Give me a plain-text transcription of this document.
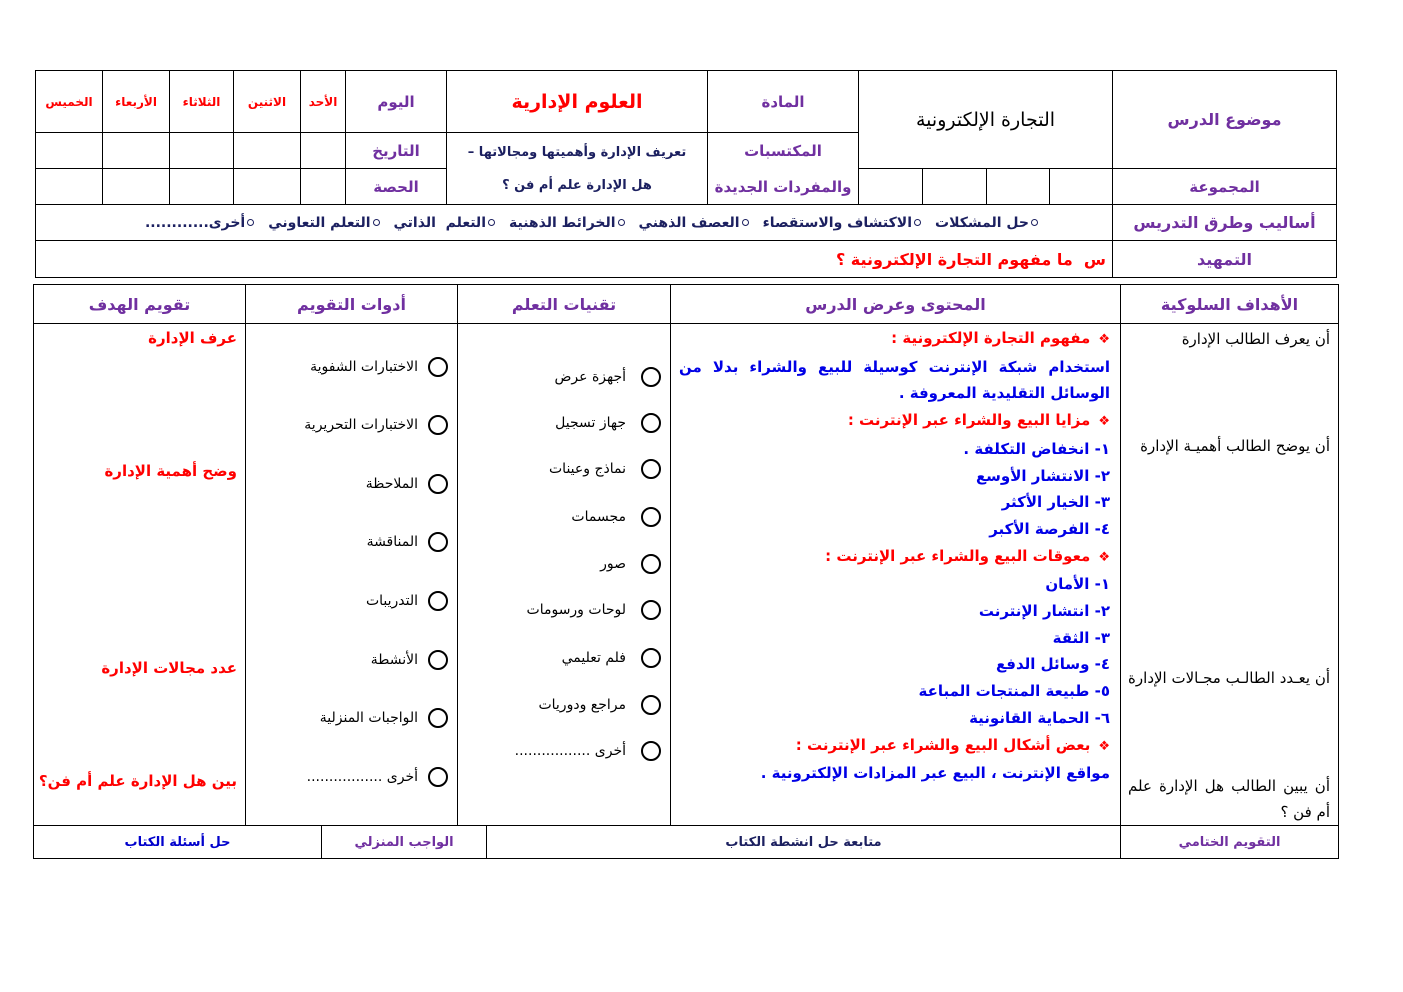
موضوع الدرس
التجارة الإلكترونية
المجموعة
المادة
المكتسبات
والمفردات الجديدة
العلوم الإدارية
تعريف الإدارة وأهميتها ومجالاتها –
هل الإدارة علم أم فن ؟
اليوم
التاريخ
الحصة
الأحد
الاثنين
الثلاثاء
الأربعاء
الخميس
أساليب وطرق التدريس
حل المشكلات
الاكتشاف والاستقصاء
العصف الذهني
الخرائط الذهنية
التعلم  الذاتي
التعلم التعاوني
أخرى............
التمهيد
س  ما مفهوم التجارة الإلكترونية ؟
الأهداف السلوكية
المحتوى وعرض الدرس
تقنيات التعلم
أدوات التقويم
تقويم الهدف
أن يعرف الطالب الإدارة
أن يوضح الطالب أهميـة الإدارة
أن يعـدد الطالـب مجـالات الإدارة
أن يبين الطالب هل الإدارة علم أم فن ؟
❖ مفهوم التجارة الإلكترونية :
استخدام شبكة الإنترنت كوسيلة للبيع والشراء بدلا من الوسائل التقليدية المعروفة .
❖ مزايا البيع والشراء عبر الإنترنت :
١- انخفاض التكلفة .
٢- الانتشار الأوسع
٣- الخيار الأكثر
٤- الفرصة الأكبر
❖ معوقات البيع والشراء عبر الإنترنت :
١- الأمان
٢- انتشار الإنترنت
٣- الثقة
٤- وسائل الدفع
٥- طبيعة المنتجات المباعة
٦- الحماية القانونية
❖ بعض أشكال البيع والشراء عبر الإنترنت :
مواقع الإنترنت ، البيع عبر المزادات الإلكترونية .
أجهزة عرض
جهاز تسجيل
نماذج وعينات
مجسمات
صور
لوحات ورسومات
فلم تعليمي
مراجع ودوريات
أخرى .................
الاختبارات الشفوية
الاختبارات التحريرية
الملاحظة
المناقشة
التدريبات
الأنشطة
الواجبات المنزلية
أخرى .................
عرف الإدارة
وضح أهمية الإدارة
عدد مجالات الإدارة
بين هل الإدارة علم أم فن؟
التقويم الختامي
متابعة حل انشطة الكتاب
الواجب المنزلي
حل أسئلة الكتاب
